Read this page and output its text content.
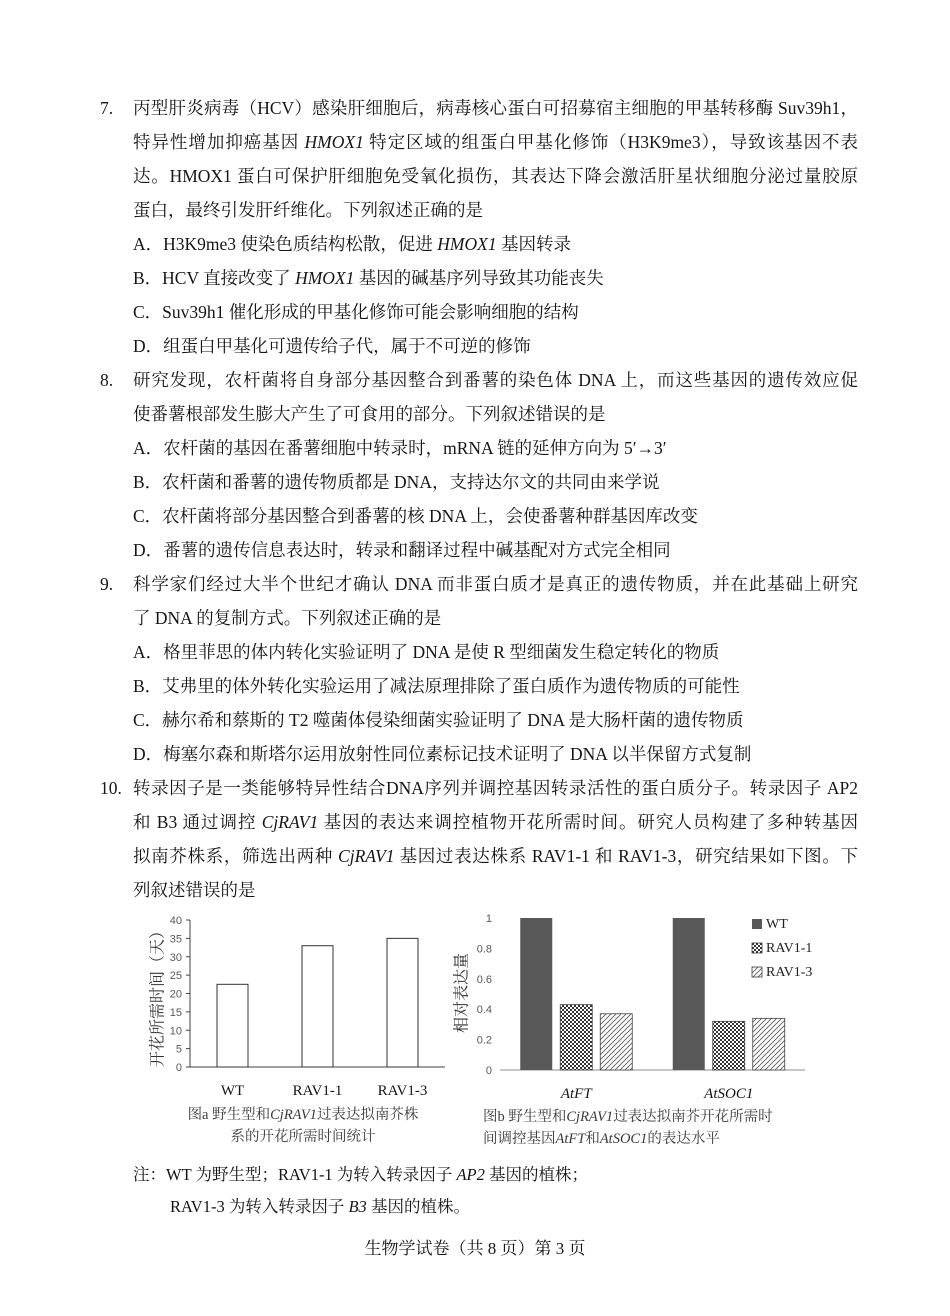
7. 丙型肝炎病毒（HCV）感染肝细胞后，病毒核心蛋白可招募宿主细胞的甲基转移酶 Suv39h1，
特异性增加抑癌基因 HMOX1 特定区域的组蛋白甲基化修饰（H3K9me3），导致该基因不表
达。HMOX1 蛋白可保护肝细胞免受氧化损伤，其表达下降会激活肝星状细胞分泌过量胶原
蛋白，最终引发肝纤维化。下列叙述正确的是
A．H3K9me3 使染色质结构松散，促进 HMOX1 基因转录
B．HCV 直接改变了 HMOX1 基因的碱基序列导致其功能丧失
C．Suv39h1 催化形成的甲基化修饰可能会影响细胞的结构
D．组蛋白甲基化可遗传给子代，属于不可逆的修饰
8. 研究发现，农杆菌将自身部分基因整合到番薯的染色体 DNA 上，而这些基因的遗传效应促
使番薯根部发生膨大产生了可食用的部分。下列叙述错误的是
A．农杆菌的基因在番薯细胞中转录时，mRNA 链的延伸方向为 5′→3′
B．农杆菌和番薯的遗传物质都是 DNA，支持达尔文的共同由来学说
C．农杆菌将部分基因整合到番薯的核 DNA 上，会使番薯种群基因库改变
D．番薯的遗传信息表达时，转录和翻译过程中碱基配对方式完全相同
9. 科学家们经过大半个世纪才确认 DNA 而非蛋白质才是真正的遗传物质，并在此基础上研究
了 DNA 的复制方式。下列叙述正确的是
A．格里菲思的体内转化实验证明了 DNA 是使 R 型细菌发生稳定转化的物质
B．艾弗里的体外转化实验运用了减法原理排除了蛋白质作为遗传物质的可能性
C．赫尔希和蔡斯的 T2 噬菌体侵染细菌实验证明了 DNA 是大肠杆菌的遗传物质
D．梅塞尔森和斯塔尔运用放射性同位素标记技术证明了 DNA 以半保留方式复制
10. 转录因子是一类能够特异性结合DNA序列并调控基因转录活性的蛋白质分子。转录因子 AP2
和 B3 通过调控 CjRAV1 基因的表达来调控植物开花所需时间。研究人员构建了多种转基因
拟南芥株系，筛选出两种 CjRAV1 基因过表达株系 RAV1-1 和 RAV1-3，研究结果如下图。下
列叙述错误的是
0
5
10
15
20
25
30
35
40
WT	RAV1-1 RAV1-3
开花所需时间（天）
0
0.2
0.4
0.6
0.8
1
AtFT	AtSOC1
相对表达量
WT
RAV1-1
RAV1-3
图a 野生型和CjRAV1过表达拟南芥株
系的开花所需时间统计
图b 野生型和CjRAV1过表达拟南芥开花所需时
间调控基因AtFT和AtSOC1的表达水平
注：WT 为野生型；RAV1-1 为转入转录因子 AP2 基因的植株；
RAV1-3 为转入转录因子 B3 基因的植株。
生物学试卷（共 8 页）第 3 页
